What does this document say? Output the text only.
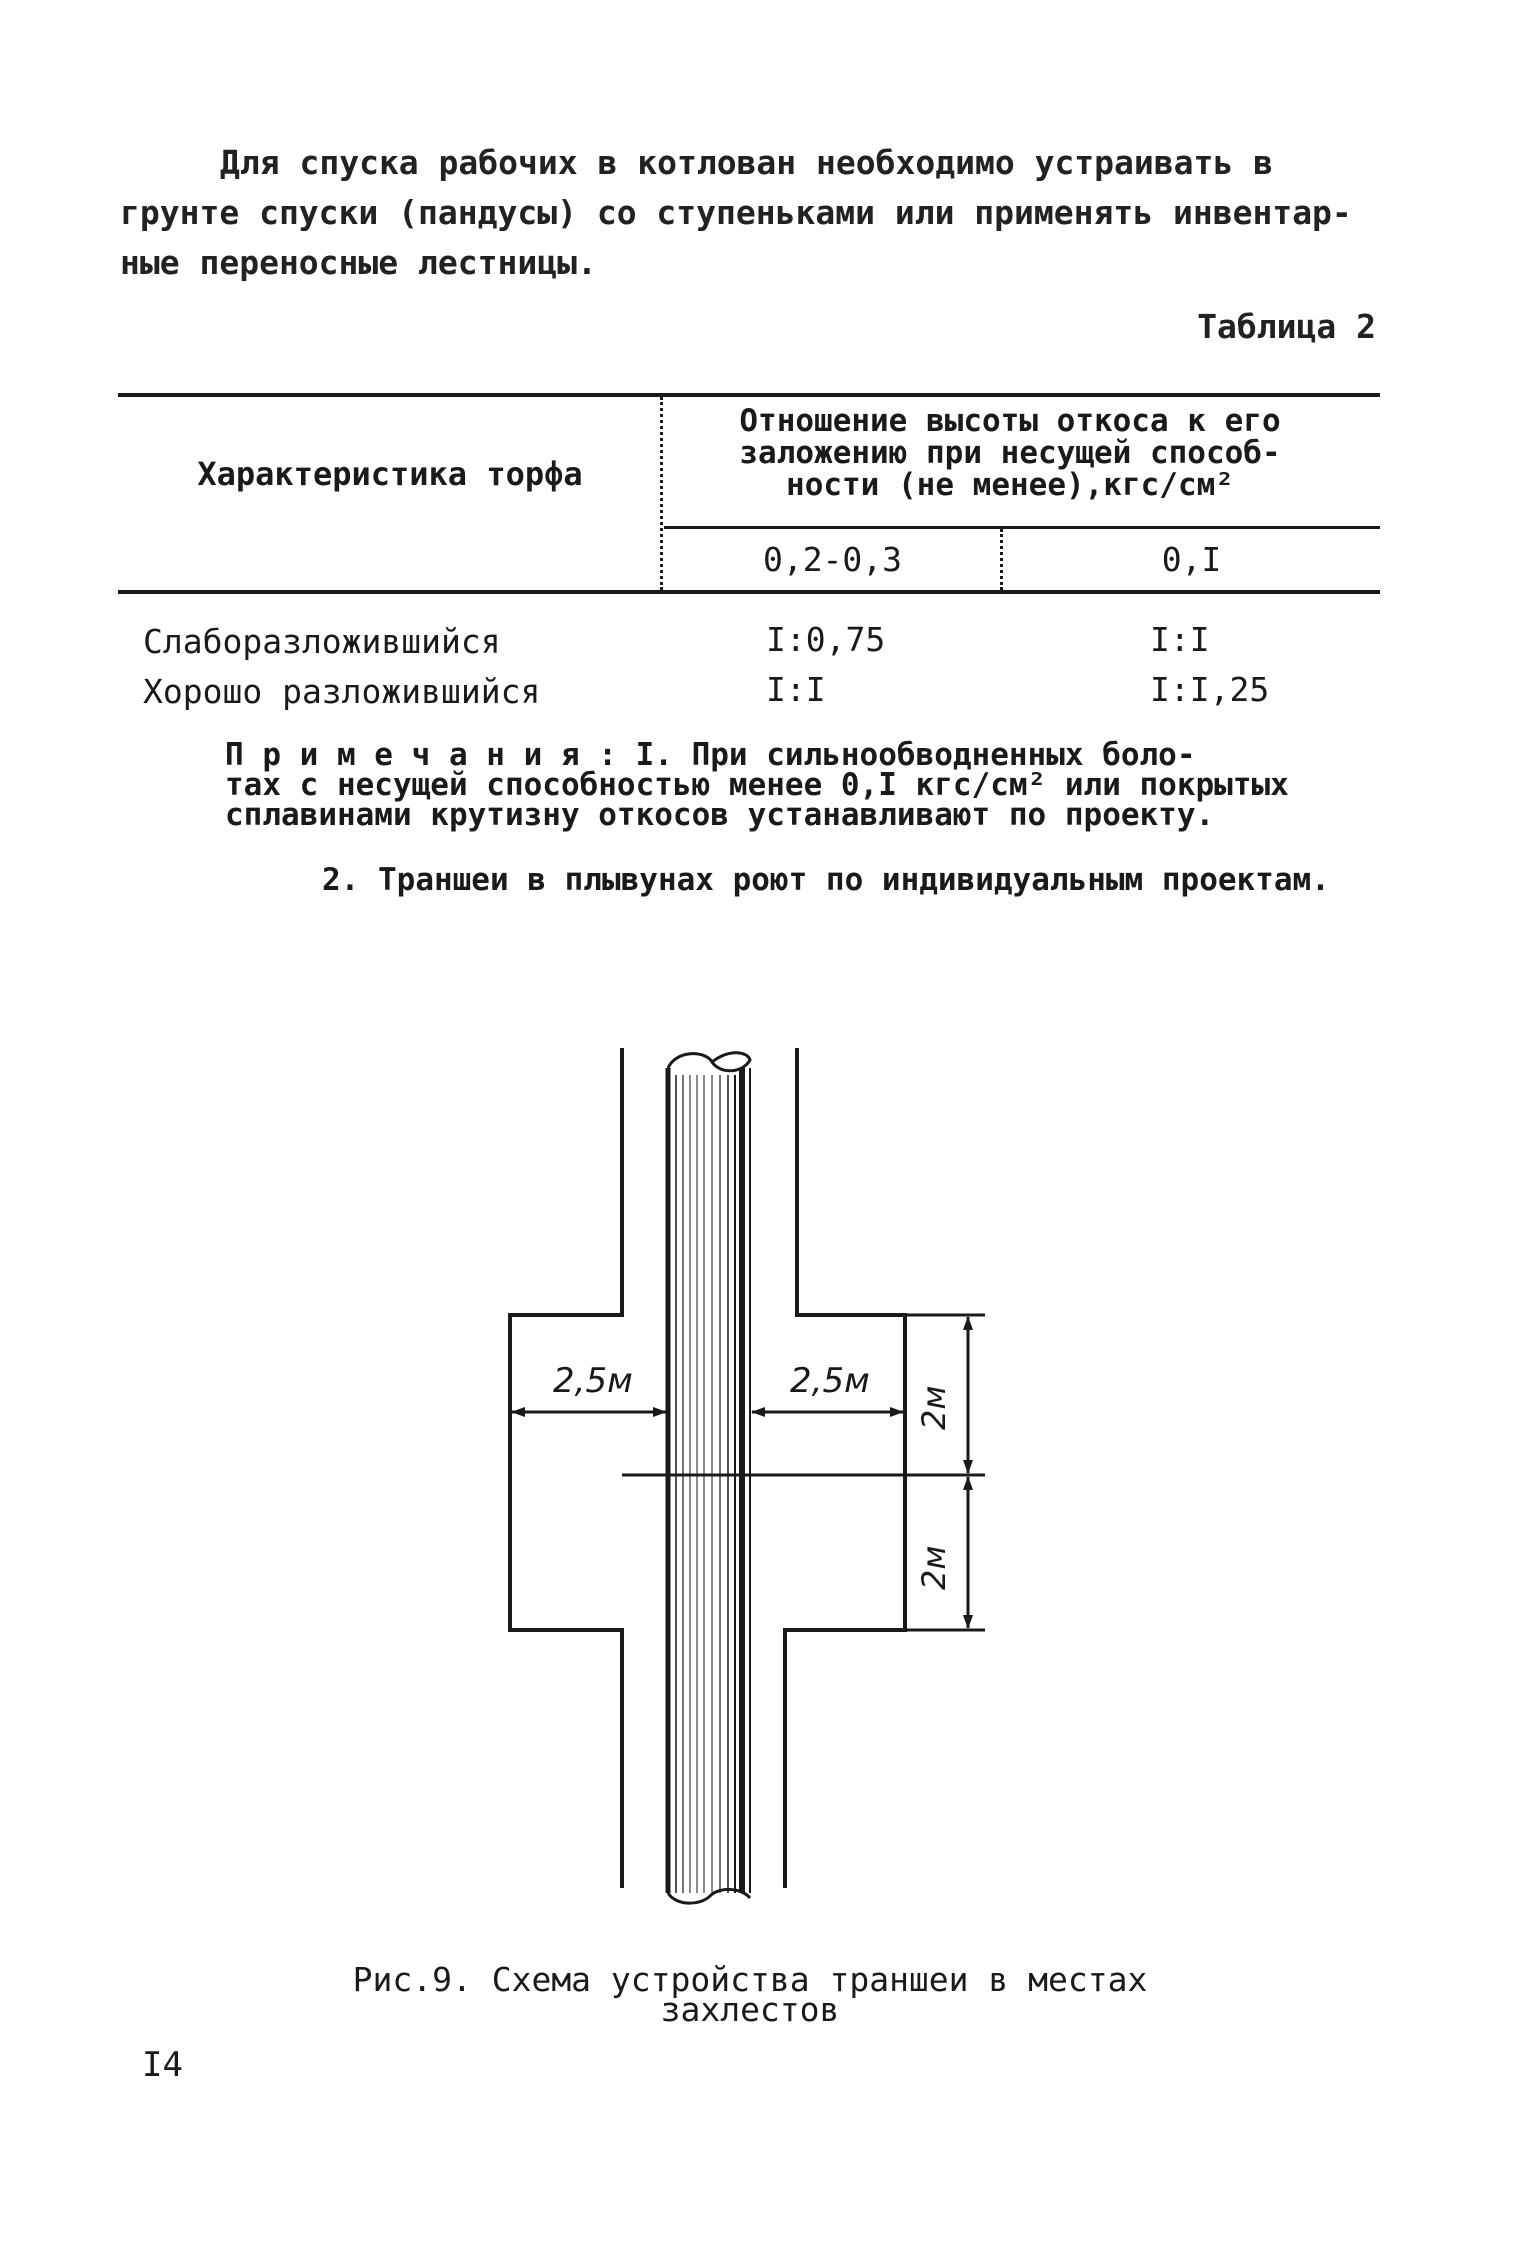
Для спуска рабочих в котлован необходимо устраивать в
грунте спуски (пандусы) со ступеньками или применять инвентар-
ные переносные лестницы.
Таблица 2
Характеристика торфа
Отношение высоты откоса к его
заложению при несущей способ-
ности (не менее),кгс/см²
0,2-0,3	0,I
Слаборазложившийся	I:0,75	I:I
Хорошо разложившийся	I:I	I:I,25
П р и м е ч а н и я : I. При сильнообводненных боло-
тах с несущей способностью менее 0,I кгс/см² или покрытых
сплавинами крутизну откосов устанавливают по проекту.
2. Траншеи в плывунах роют по индивидуальным проектам.
2,5м	2,5м
2м
2м
Рис.9. Схема устройства траншеи в местах
захлестов
I4
